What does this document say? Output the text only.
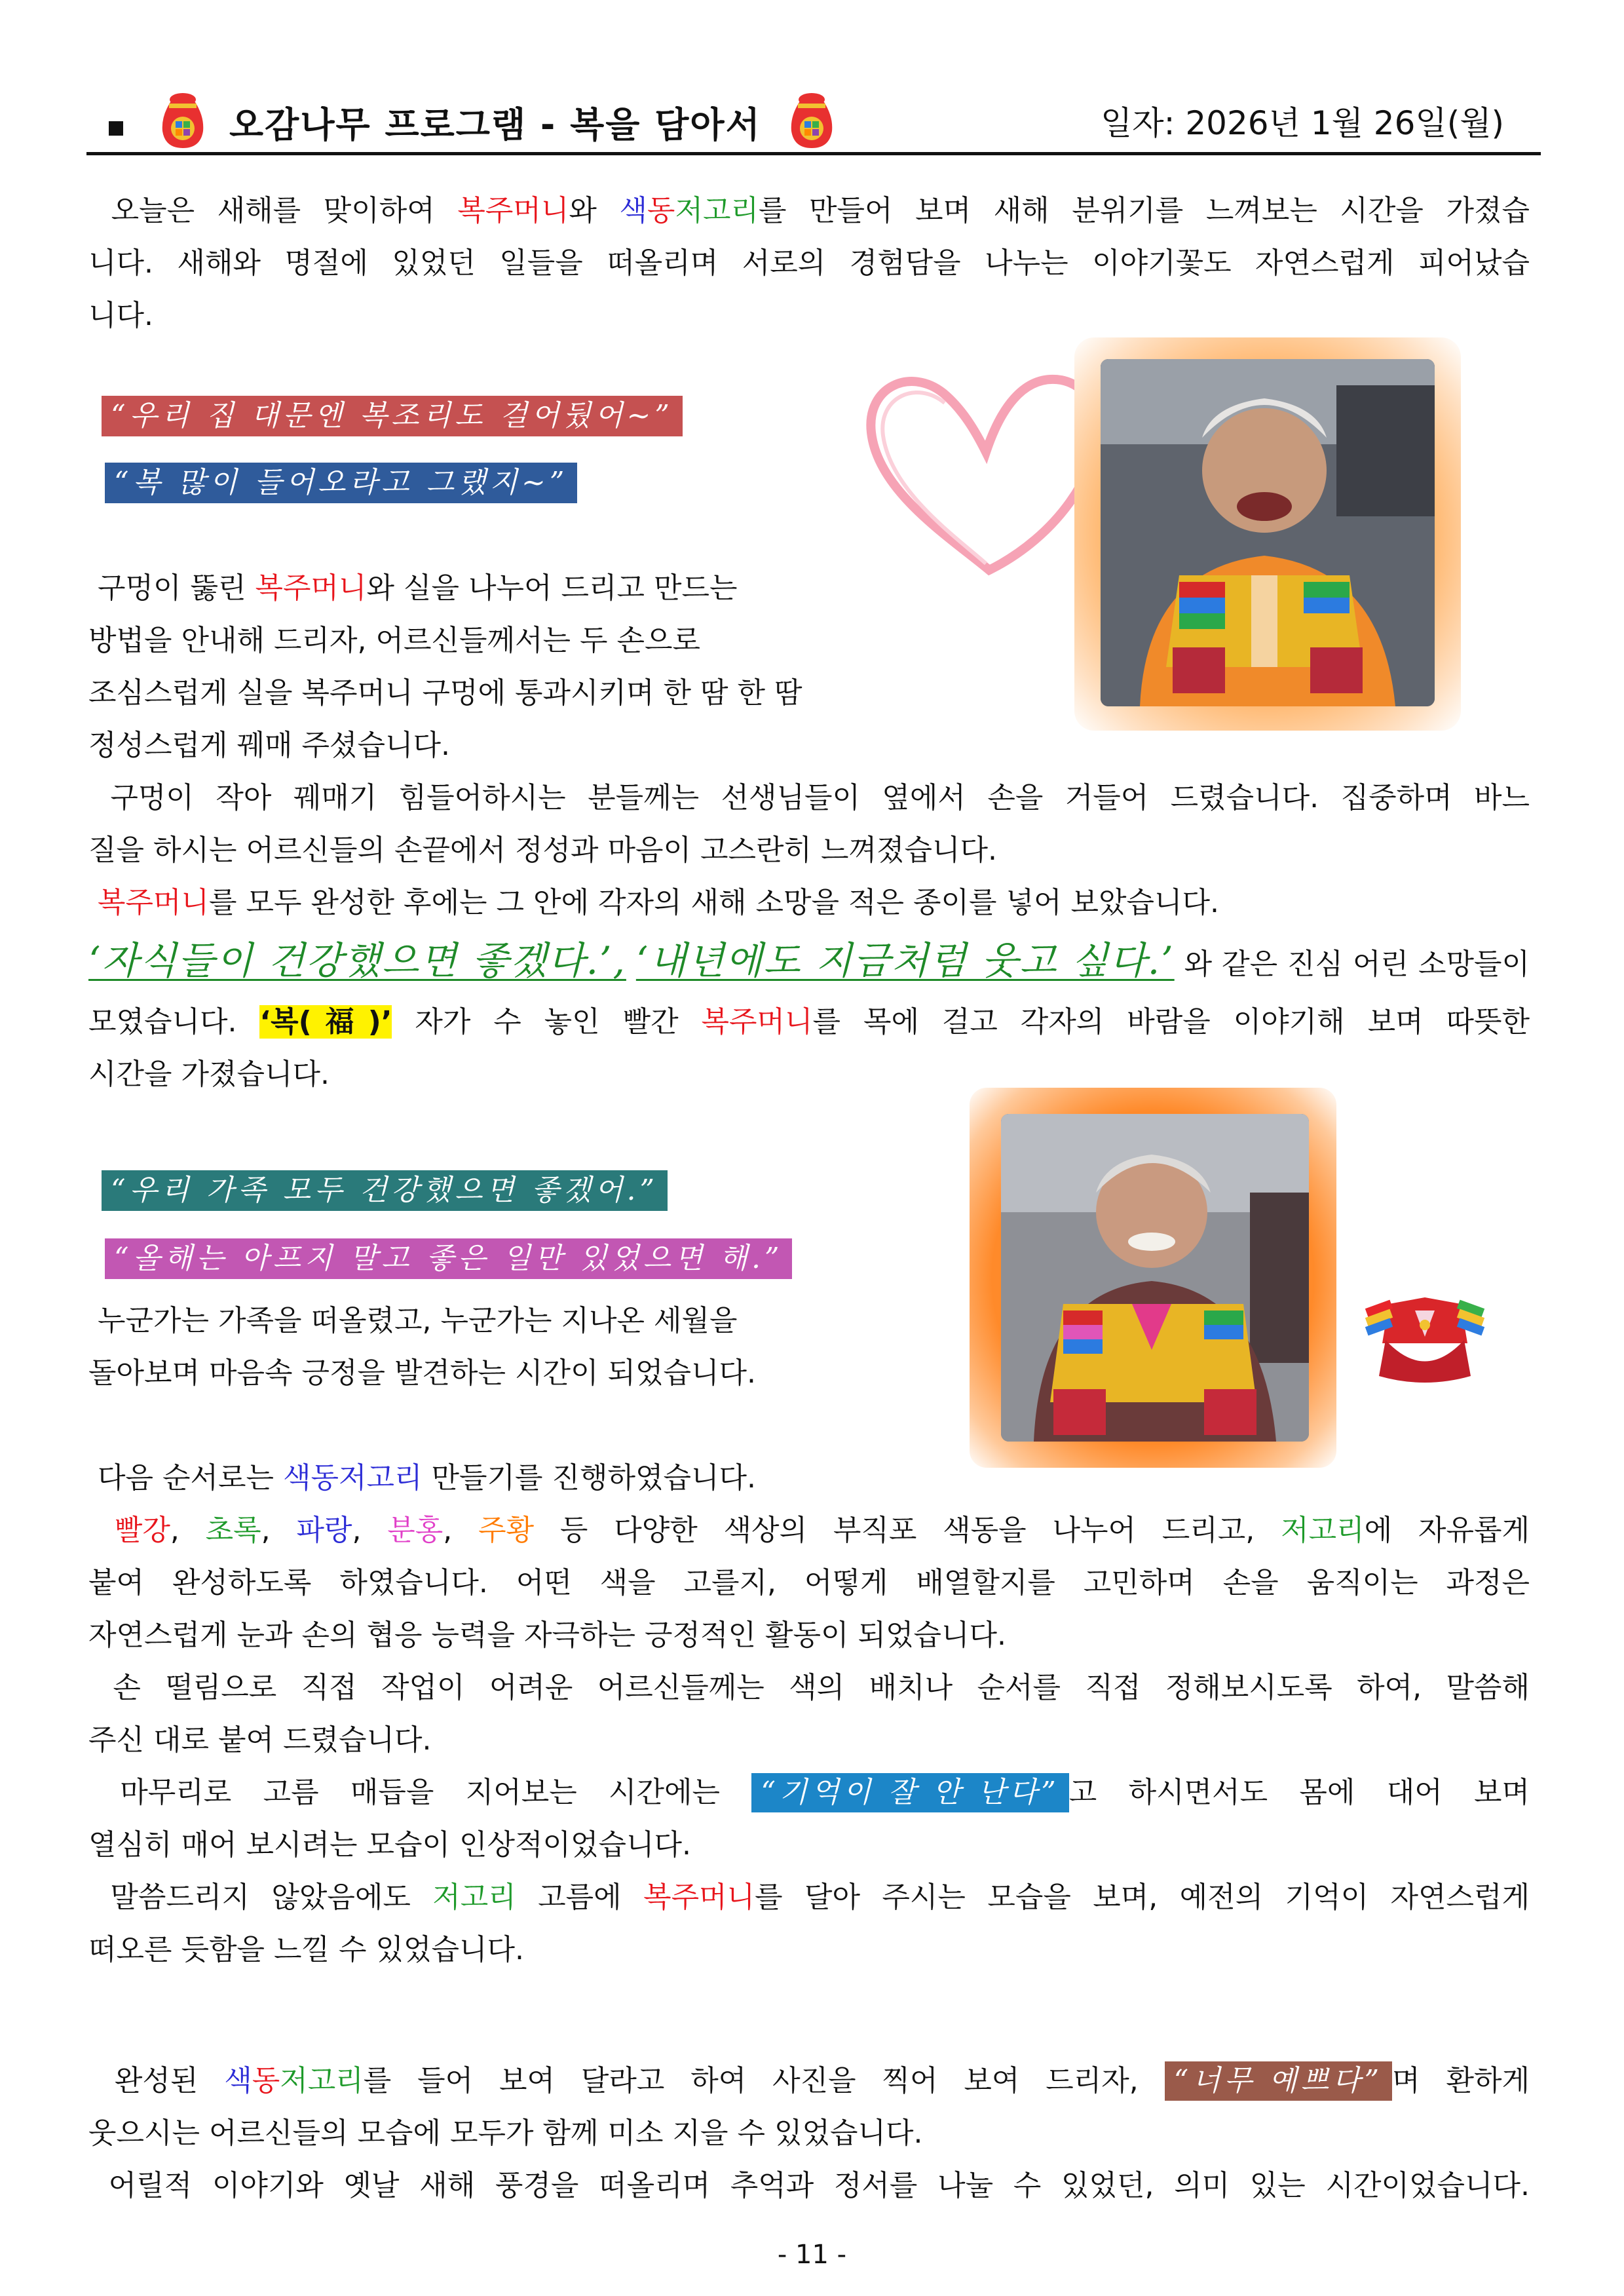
오감나무 프로그램 - 복을 담아서	일자: 2026년 1월 26일(월)
오늘은 새해를 맞이하여 복주머니와 색동저고리를 만들어 보며 새해 분위기를 느껴보는 시간을 가졌습
니다. 새해와 명절에 있었던 일들을 떠올리며 서로의 경험담을 나누는 이야기꽃도 자연스럽게 피어났습
니다.
“우리 집 대문엔 복조리도 걸어뒀어~”
“복 많이 들어오라고 그랬지~”
구멍이 뚫린 복주머니와 실을 나누어 드리고 만드는
방법을 안내해 드리자, 어르신들께서는 두 손으로
조심스럽게 실을 복주머니 구멍에 통과시키며 한 땀 한 땀
정성스럽게 꿰매 주셨습니다.
구멍이 작아 꿰매기 힘들어하시는 분들께는 선생님들이 옆에서 손을 거들어 드렸습니다. 집중하며 바느
질을 하시는 어르신들의 손끝에서 정성과 마음이 고스란히 느껴졌습니다.
복주머니를 모두 완성한 후에는 그 안에 각자의 새해 소망을 적은 종이를 넣어 보았습니다.
‘자식들이 건강했으면 좋겠다.’, ‘내년에도 지금처럼 웃고 싶다.’ 와 같은 진심 어린 소망들이
모였습니다. ‘복(福)’ 자가 수 놓인 빨간 복주머니를 목에 걸고 각자의 바람을 이야기해 보며 따뜻한
시간을 가졌습니다.
“우리 가족 모두 건강했으면 좋겠어.”
“올해는 아프지 말고 좋은 일만 있었으면 해.”
누군가는 가족을 떠올렸고, 누군가는 지나온 세월을
돌아보며 마음속 긍정을 발견하는 시간이 되었습니다.
다음 순서로는 색동저고리 만들기를 진행하였습니다.
빨강, 초록, 파랑, 분홍, 주황 등 다양한 색상의 부직포 색동을 나누어 드리고, 저고리에 자유롭게
붙여 완성하도록 하였습니다. 어떤 색을 고를지, 어떻게 배열할지를 고민하며 손을 움직이는 과정은
자연스럽게 눈과 손의 협응 능력을 자극하는 긍정적인 활동이 되었습니다.
손 떨림으로 직접 작업이 어려운 어르신들께는 색의 배치나 순서를 직접 정해보시도록 하여, 말씀해
주신 대로 붙여 드렸습니다.
마무리로 고름 매듭을 지어보는 시간에는 “기억이 잘 안 난다” 고 하시면서도 몸에 대어 보며
열심히 매어 보시려는 모습이 인상적이었습니다.
말씀드리지 않았음에도 저고리 고름에 복주머니를 달아 주시는 모습을 보며, 예전의 기억이 자연스럽게
떠오른 듯함을 느낄 수 있었습니다.
완성된 색동저고리를 들어 보여 달라고 하여 사진을 찍어 보여 드리자, “너무 예쁘다” 며 환하게
웃으시는 어르신들의 모습에 모두가 함께 미소 지을 수 있었습니다.
어릴적 이야기와 옛날 새해 풍경을 떠올리며 추억과 정서를 나눌 수 있었던, 의미 있는 시간이었습니다.
- 11 -
